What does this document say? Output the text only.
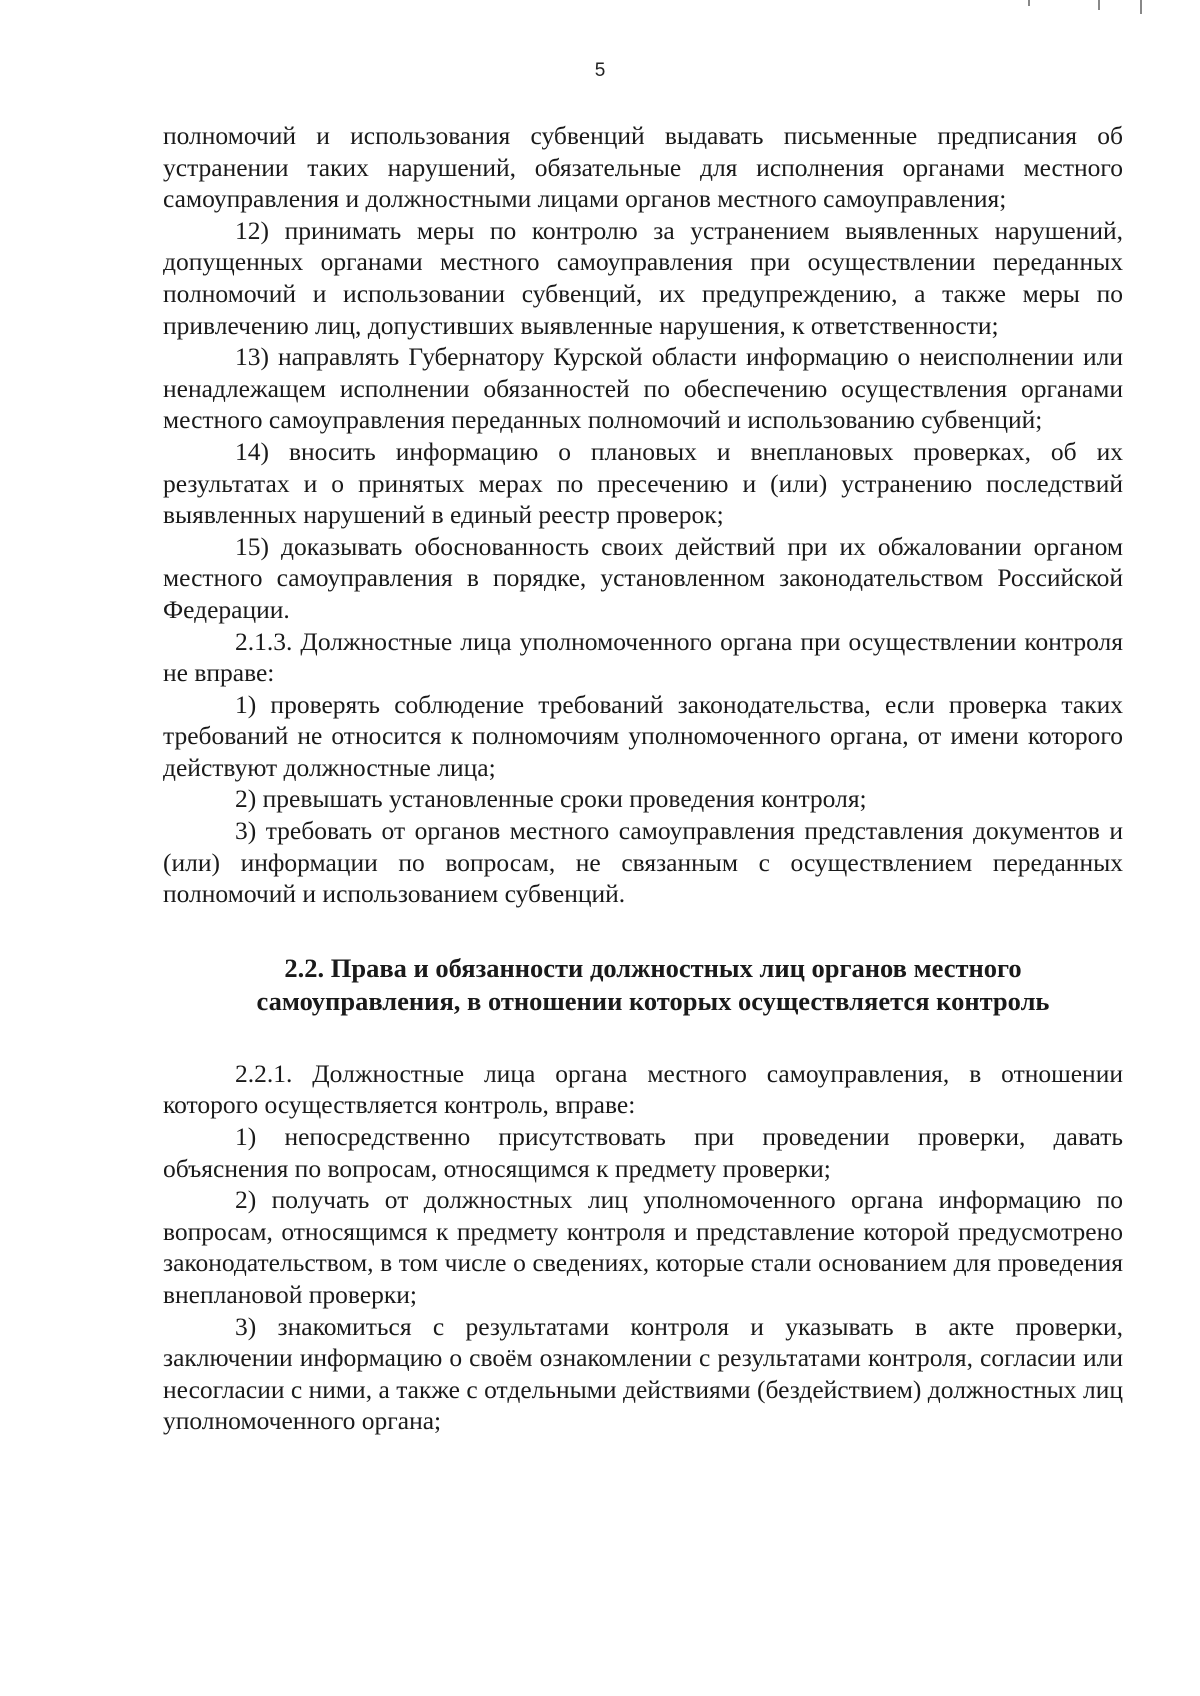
5

полномочий и использования субвенций выдавать письменные предписания об устранении таких нарушений, обязательные для исполнения органами местного самоуправления и должностными лицами органов местного самоуправления;

12) принимать меры по контролю за устранением выявленных нарушений, допущенных органами местного самоуправления при осуществлении переданных полномочий и использовании субвенций, их предупреждению, а также меры по привлечению лиц, допустивших выявленные нарушения, к ответственности;

13) направлять Губернатору Курской области информацию о неисполнении или ненадлежащем исполнении обязанностей по обеспечению осуществления органами местного самоуправления переданных полномочий и использованию субвенций;

14) вносить информацию о плановых и внеплановых проверках, об их результатах и о принятых мерах по пресечению и (или) устранению последствий выявленных нарушений в единый реестр проверок;

15) доказывать обоснованность своих действий при их обжаловании органом местного самоуправления в порядке, установленном законодательством Российской Федерации.

2.1.3. Должностные лица уполномоченного органа при осуществлении контроля не вправе:

1) проверять соблюдение требований законодательства, если проверка таких требований не относится к полномочиям уполномоченного органа, от имени которого действуют должностные лица;

2) превышать установленные сроки проведения контроля;

3) требовать от органов местного самоуправления представления документов и (или) информации по вопросам, не связанным с осуществлением переданных полномочий и использованием субвенций.

2.2. Права и обязанности должностных лиц органов местного самоуправления, в отношении которых осуществляется контроль

2.2.1. Должностные лица органа местного самоуправления, в отношении которого осуществляется контроль, вправе:

1) непосредственно присутствовать при проведении проверки, давать объяснения по вопросам, относящимся к предмету проверки;

2) получать от должностных лиц уполномоченного органа информацию по вопросам, относящимся к предмету контроля и представление которой предусмотрено законодательством, в том числе о сведениях, которые стали основанием для проведения внеплановой проверки;

3) знакомиться с результатами контроля и указывать в акте проверки, заключении информацию о своём ознакомлении с результатами контроля, согласии или несогласии с ними, а также с отдельными действиями (бездействием) должностных лиц уполномоченного органа;
